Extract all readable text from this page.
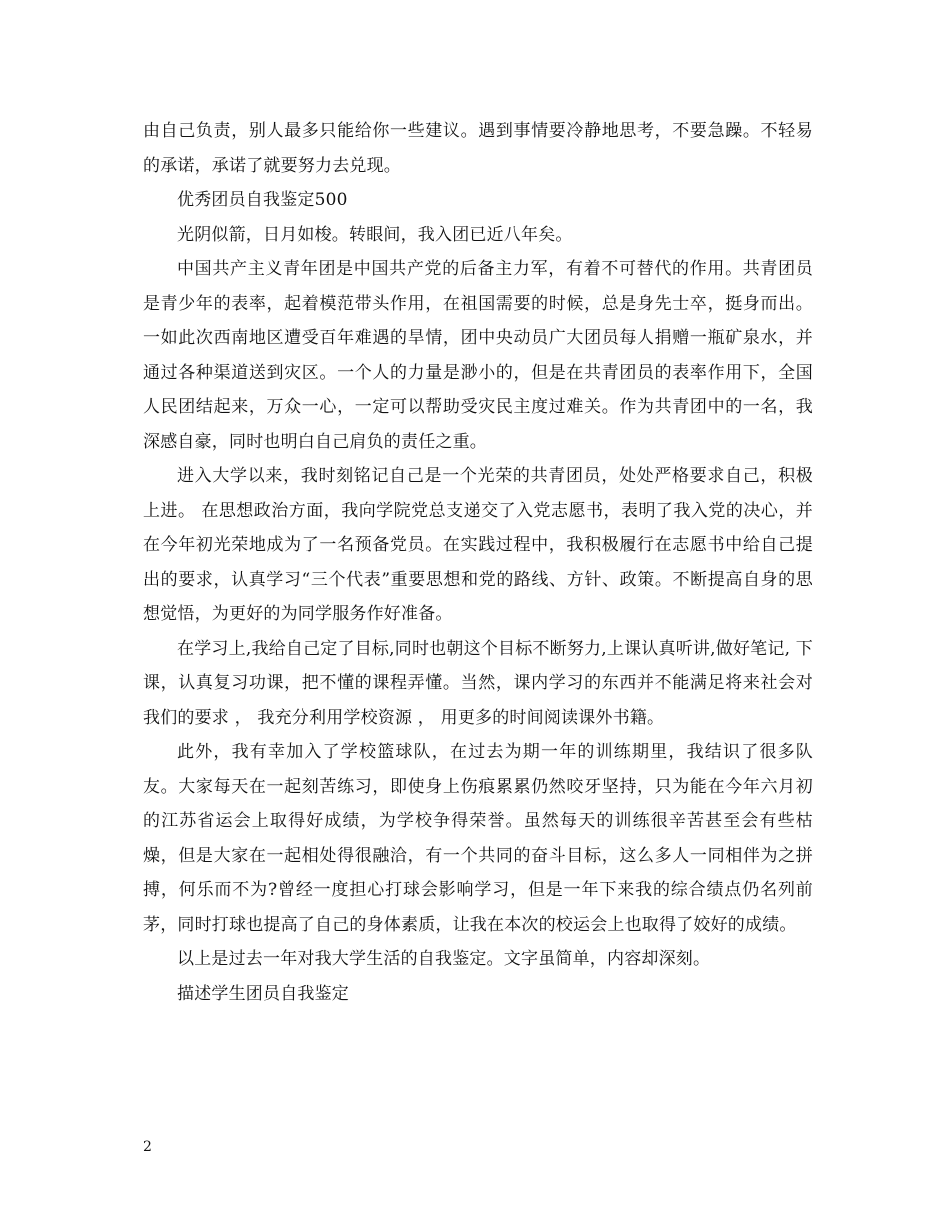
由自己负责，别人最多只能给你一些建议。遇到事情要冷静地思考，不要急躁。不轻易的承诺，承诺了就要努力去兑现。

优秀团员自我鉴定500

光阴似箭，日月如梭。转眼间，我入团已近八年矣。

中国共产主义青年团是中国共产党的后备主力军，有着不可替代的作用。共青团员是青少年的表率，起着模范带头作用，在祖国需要的时候，总是身先士卒，挺身而出。一如此次西南地区遭受百年难遇的旱情，团中央动员广大团员每人捐赠一瓶矿泉水，并通过各种渠道送到灾区。一个人的力量是渺小的，但是在共青团员的表率作用下，全国人民团结起来，万众一心，一定可以帮助受灾民主度过难关。作为共青团中的一名，我深感自豪，同时也明白自己肩负的责任之重。

进入大学以来，我时刻铭记自己是一个光荣的共青团员，处处严格要求自己，积极上进。 在思想政治方面，我向学院党总支递交了入党志愿书，表明了我入党的决心，并在今年初光荣地成为了一名预备党员。在实践过程中，我积极履行在志愿书中给自己提出的要求，认真学习“三个代表”重要思想和党的路线、方针、政策。不断提高自身的思想觉悟，为更好的为同学服务作好准备。

在学习上,我给自己定了目标,同时也朝这个目标不断努力,上课认真听讲,做好笔记, 下课，认真复习功课，把不懂的课程弄懂。当然，课内学习的东西并不能满足将来社会对我们的要求 ， 我充分利用学校资源 ， 用更多的时间阅读课外书籍。

此外，我有幸加入了学校篮球队，在过去为期一年的训练期里，我结识了很多队友。大家每天在一起刻苦练习，即使身上伤痕累累仍然咬牙坚持，只为能在今年六月初的江苏省运会上取得好成绩，为学校争得荣誉。虽然每天的训练很辛苦甚至会有些枯燥，但是大家在一起相处得很融洽，有一个共同的奋斗目标，这么多人一同相伴为之拼搏，何乐而不为?曾经一度担心打球会影响学习，但是一年下来我的综合绩点仍名列前茅，同时打球也提高了自己的身体素质，让我在本次的校运会上也取得了姣好的成绩。

以上是过去一年对我大学生活的自我鉴定。文字虽简单，内容却深刻。

描述学生团员自我鉴定

2
